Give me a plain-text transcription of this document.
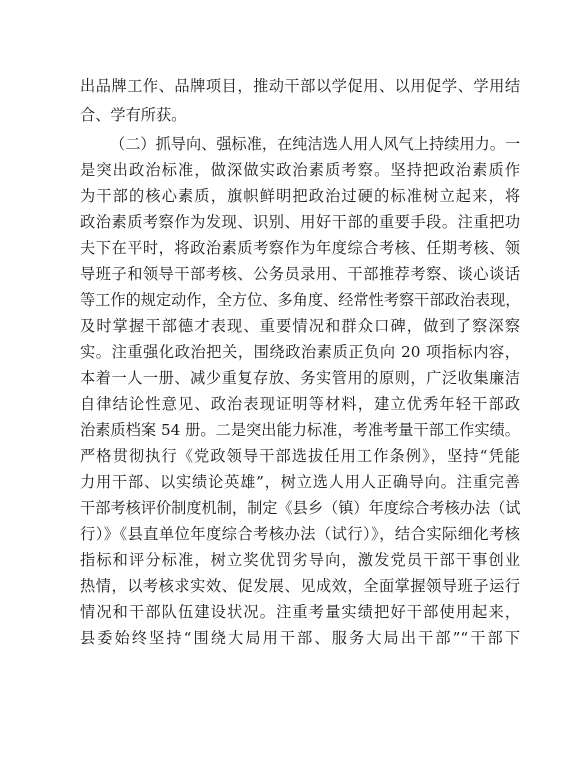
出品牌工作、品牌项目，推动干部以学促用、以用促学、学用结
合、学有所获。
（二）抓导向、强标准，在纯洁选人用人风气上持续用力。一
是突出政治标准，做深做实政治素质考察。坚持把政治素质作
为干部的核心素质，旗帜鲜明把政治过硬的标准树立起来，将
政治素质考察作为发现、识别、用好干部的重要手段。注重把功
夫下在平时，将政治素质考察作为年度综合考核、任期考核、领
导班子和领导干部考核、公务员录用、干部推荐考察、谈心谈话
等工作的规定动作，全方位、多角度、经常性考察干部政治表现，
及时掌握干部德才表现、重要情况和群众口碑，做到了察深察
实。注重强化政治把关，围绕政治素质正负向 20 项指标内容，
本着一人一册、减少重复存放、务实管用的原则，广泛收集廉洁
自律结论性意见、政治表现证明等材料，建立优秀年轻干部政
治素质档案 54 册。二是突出能力标准，考准考量干部工作实绩。
严格贯彻执行《党政领导干部选拔任用工作条例》，坚持“凭能
力用干部、以实绩论英雄”，树立选人用人正确导向。注重完善
干部考核评价制度机制，制定《县乡（镇）年度综合考核办法（试
行）》《县直单位年度综合考核办法（试行）》，结合实际细化考核
指标和评分标准，树立奖优罚劣导向，激发党员干部干事创业
热情，以考核求实效、促发展、见成效，全面掌握领导班子运行
情况和干部队伍建设状况。注重考量实绩把好干部使用起来，
县委始终坚持“围绕大局用干部、服务大局出干部”“干部下
